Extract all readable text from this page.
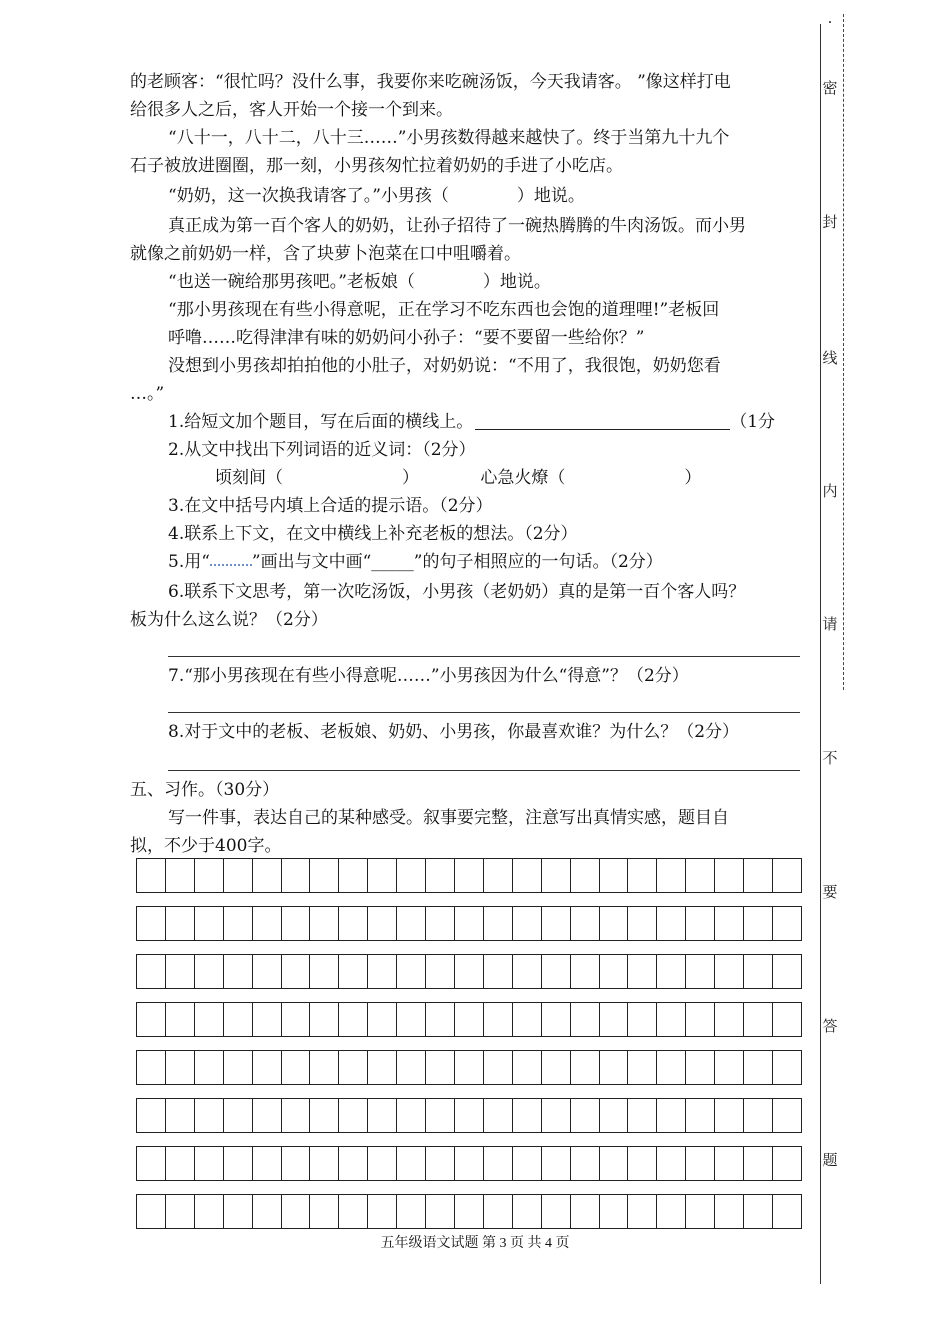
的老顾客：“很忙吗？没什么事，我要你来吃碗汤饭，今天我请客。 ”像这样打电
给很多人之后，客人开始一个接一个到来。
“八十一，八十二，八十三……”小男孩数得越来越快了。终于当第九十九个
石子被放进圈圈，那一刻，小男孩匆忙拉着奶奶的手进了小吃店。
“奶奶，这一次换我请客了。”小男孩（　　　　）地说。
真正成为第一百个客人的奶奶，让孙子招待了一碗热腾腾的牛肉汤饭。而小男
就像之前奶奶一样，含了块萝卜泡菜在口中咀嚼着。
“也送一碗给那男孩吧。”老板娘（　　　　）地说。
“那小男孩现在有些小得意呢，正在学习不吃东西也会饱的道理哩!”老板回
呼噜……吃得津津有味的奶奶问小孙子：“要不要留一些给你？”
没想到小男孩却拍拍他的小肚子，对奶奶说：“不用了，我很饱，奶奶您看
…。”
1.给短文加个题目，写在后面的横线上。	（1分
2.从文中找出下列词语的近义词：（2分）
顷刻间（　　　　　　　）	心急火燎（　　　　　　　）
3.在文中括号内填上合适的提示语。（2分）
4.联系上下文，在文中横线上补充老板的想法。（2分）
5.用“ ”画出与文中画“_____”的句子相照应的一句话。（2分）
6.联系下文思考，第一次吃汤饭，小男孩（老奶奶）真的是第一百个客人吗？
板为什么这么说？（2分）
7.“那小男孩现在有些小得意呢……”小男孩因为什么“得意”？（2分）
8.对于文中的老板、老板娘、奶奶、小男孩，你最喜欢谁？为什么？（2分）
五、习作。（30分）
写一件事，表达自己的某种感受。叙事要完整，注意写出真情实感，题目自
拟，不少于400字。
五年级语文试题 第 3 页 共 4 页
.
密
封
线
内
请
不
要
答
题
